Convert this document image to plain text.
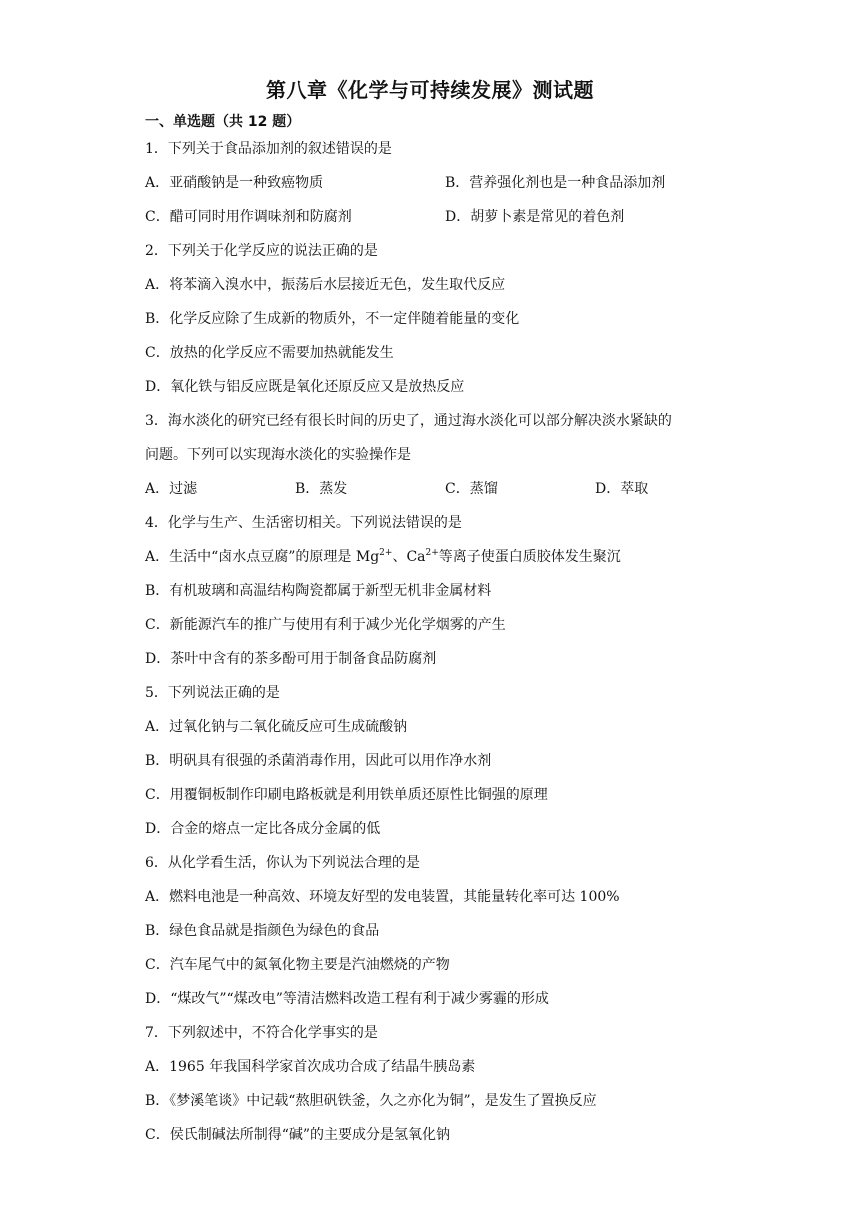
第八章《化学与可持续发展》测试题
一、单选题（共 12 题）
1．下列关于食品添加剂的叙述错误的是
A．亚硝酸钠是一种致癌物质	B．营养强化剂也是一种食品添加剂
C．醋可同时用作调味剂和防腐剂	D．胡萝卜素是常见的着色剂
2．下列关于化学反应的说法正确的是
A．将苯滴入溴水中，振荡后水层接近无色，发生取代反应
B．化学反应除了生成新的物质外，不一定伴随着能量的变化
C．放热的化学反应不需要加热就能发生
D．氧化铁与铝反应既是氧化还原反应又是放热反应
3．海水淡化的研究已经有很长时间的历史了，通过海水淡化可以部分解决淡水紧缺的
问题。下列可以实现海水淡化的实验操作是
A．过滤	B．蒸发	C．蒸馏	D．萃取
4．化学与生产、生活密切相关。下列说法错误的是
A．生活中“卤水点豆腐”的原理是 $Mg^{2+}$、$Ca^{2+}$等离子使蛋白质胶体发生聚沉
B．有机玻璃和高温结构陶瓷都属于新型无机非金属材料
C．新能源汽车的推广与使用有利于减少光化学烟雾的产生
D．茶叶中含有的茶多酚可用于制备食品防腐剂
5．下列说法正确的是
A．过氧化钠与二氧化硫反应可生成硫酸钠
B．明矾具有很强的杀菌消毒作用，因此可以用作净水剂
C．用覆铜板制作印刷电路板就是利用铁单质还原性比铜强的原理
D．合金的熔点一定比各成分金属的低
6．从化学看生活，你认为下列说法合理的是
A．燃料电池是一种高效、环境友好型的发电装置，其能量转化率可达 100%
B．绿色食品就是指颜色为绿色的食品
C．汽车尾气中的氮氧化物主要是汽油燃烧的产物
D．“煤改气”“煤改电”等清洁燃料改造工程有利于减少雾霾的形成
7．下列叙述中，不符合化学事实的是
A．1965 年我国科学家首次成功合成了结晶牛胰岛素
B．《梦溪笔谈》中记载“熬胆矾铁釜，久之亦化为铜”，是发生了置换反应
C．侯氏制碱法所制得“碱”的主要成分是氢氧化钠
